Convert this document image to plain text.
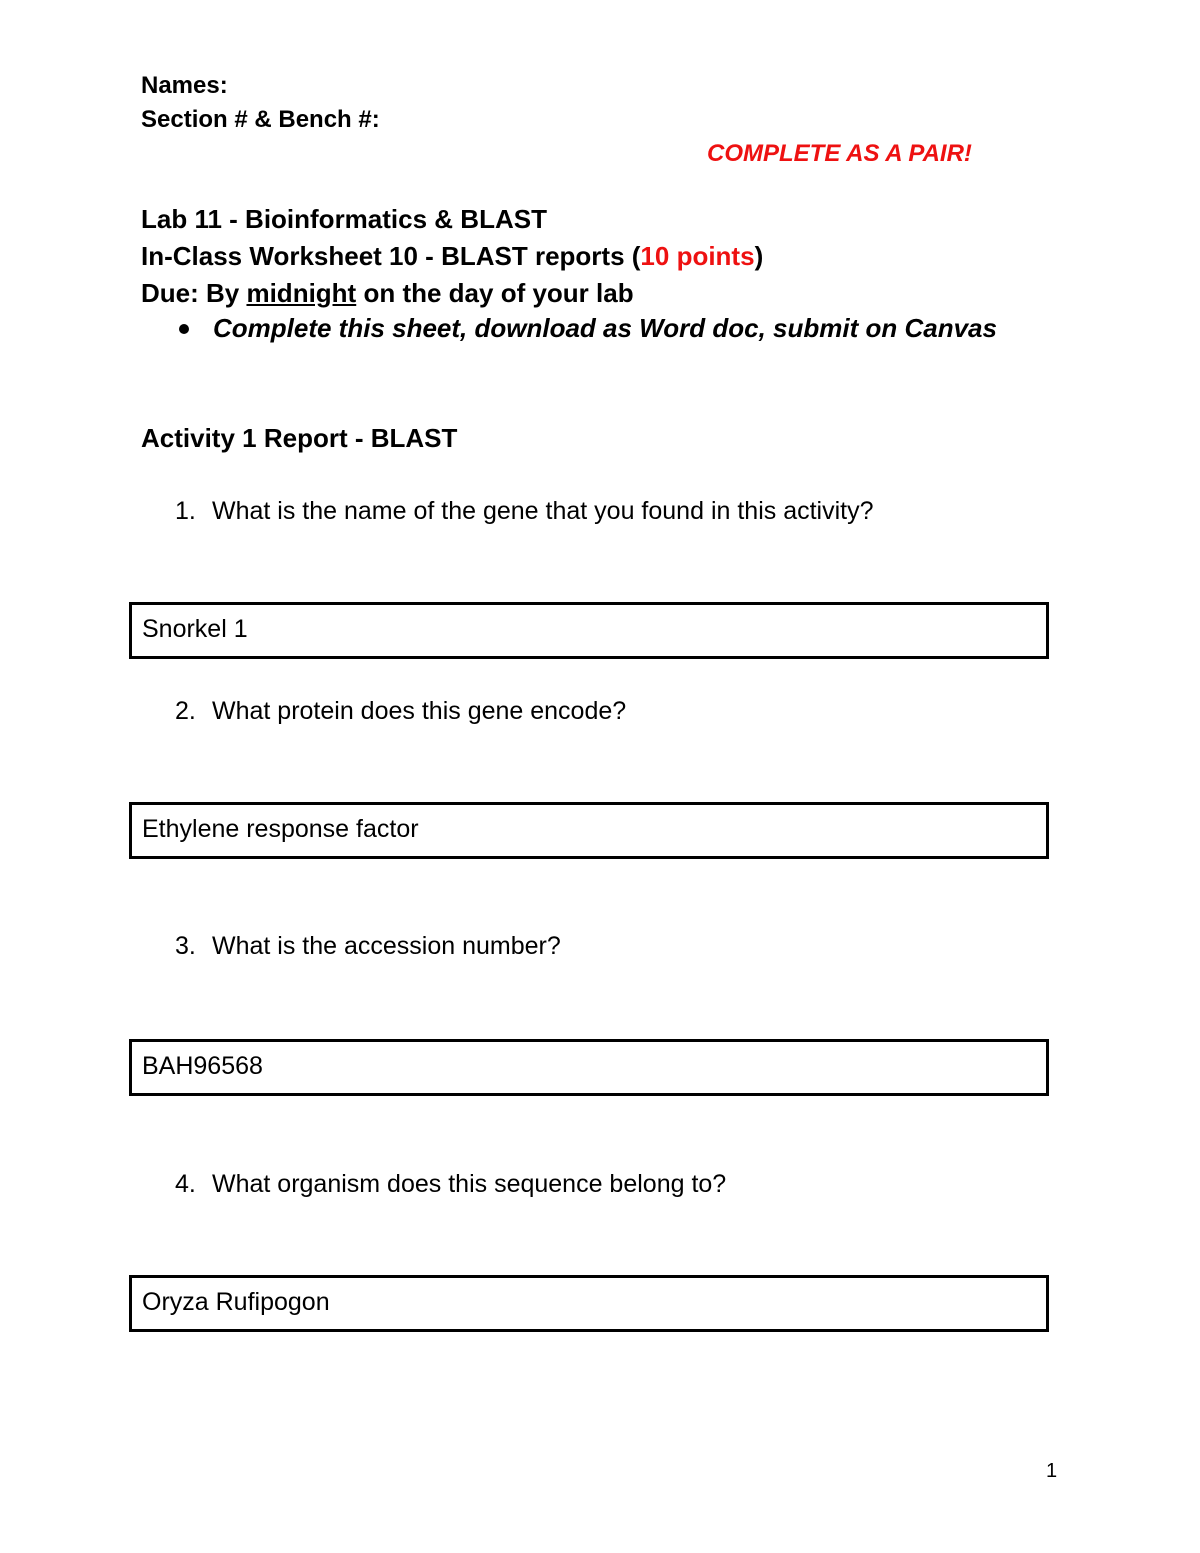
Names:
Section # & Bench #:
COMPLETE AS A PAIR!
Lab 11 - Bioinformatics & BLAST
In-Class Worksheet 10 - BLAST reports (10 points)
Due: By midnight on the day of your lab
Complete this sheet, download as Word doc, submit on Canvas
Activity 1 Report - BLAST
1. What is the name of the gene that you found in this activity?
Snorkel 1
2. What protein does this gene encode?
Ethylene response factor
3. What is the accession number?
BAH96568
4. What organism does this sequence belong to?
Oryza Rufipogon
1
